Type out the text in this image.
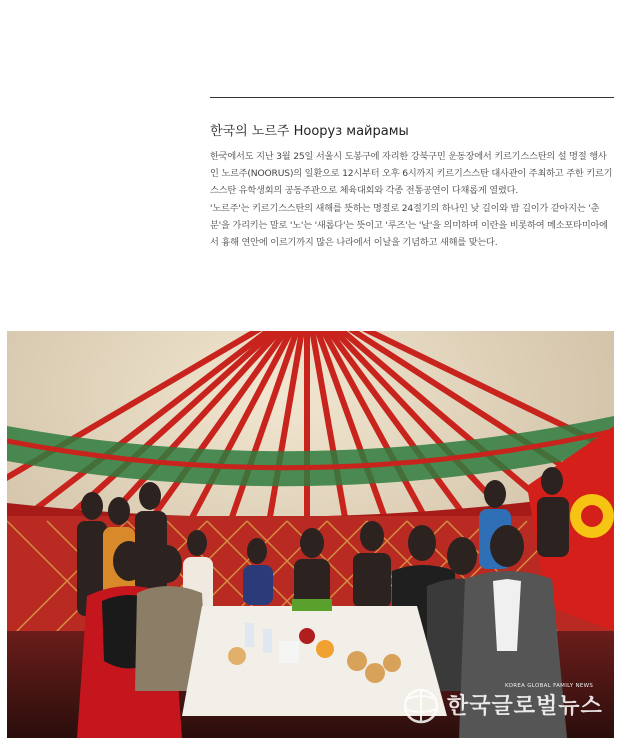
한국의 노르주 Нооруз майрамы

한국에서도 지난 3월 25일 서울시 도봉구에 자리한 강북구민 운동장에서 키르기스스탄의 설 명절 행사인 노르주(NOORUS)의 일환으로 12시부터 오후 6시까지 키르기스스탄 대사관이 주최하고 주한 키르기스스탄 유학생회의 공동주관으로 체육대회와 각종 전통공연이 다채롭게 열렸다.

'노르주'는 키르기스스탄의 새해를 뜻하는 명절로 24절기의 하나인 낮 길이와 밤 길이가 같아지는 '춘분'을 가리키는 말로 '노'는 '새롭다'는 뜻이고 '루즈'는 '날'을 의미하며 이란을 비롯하여 메소포타미아에서 흉해 연안에 이르기까지 많은 나라에서 이날을 기념하고 새해를 맞는다.

KOREA GLOBAL FAMILY NEWS
한국글로벌뉴스
